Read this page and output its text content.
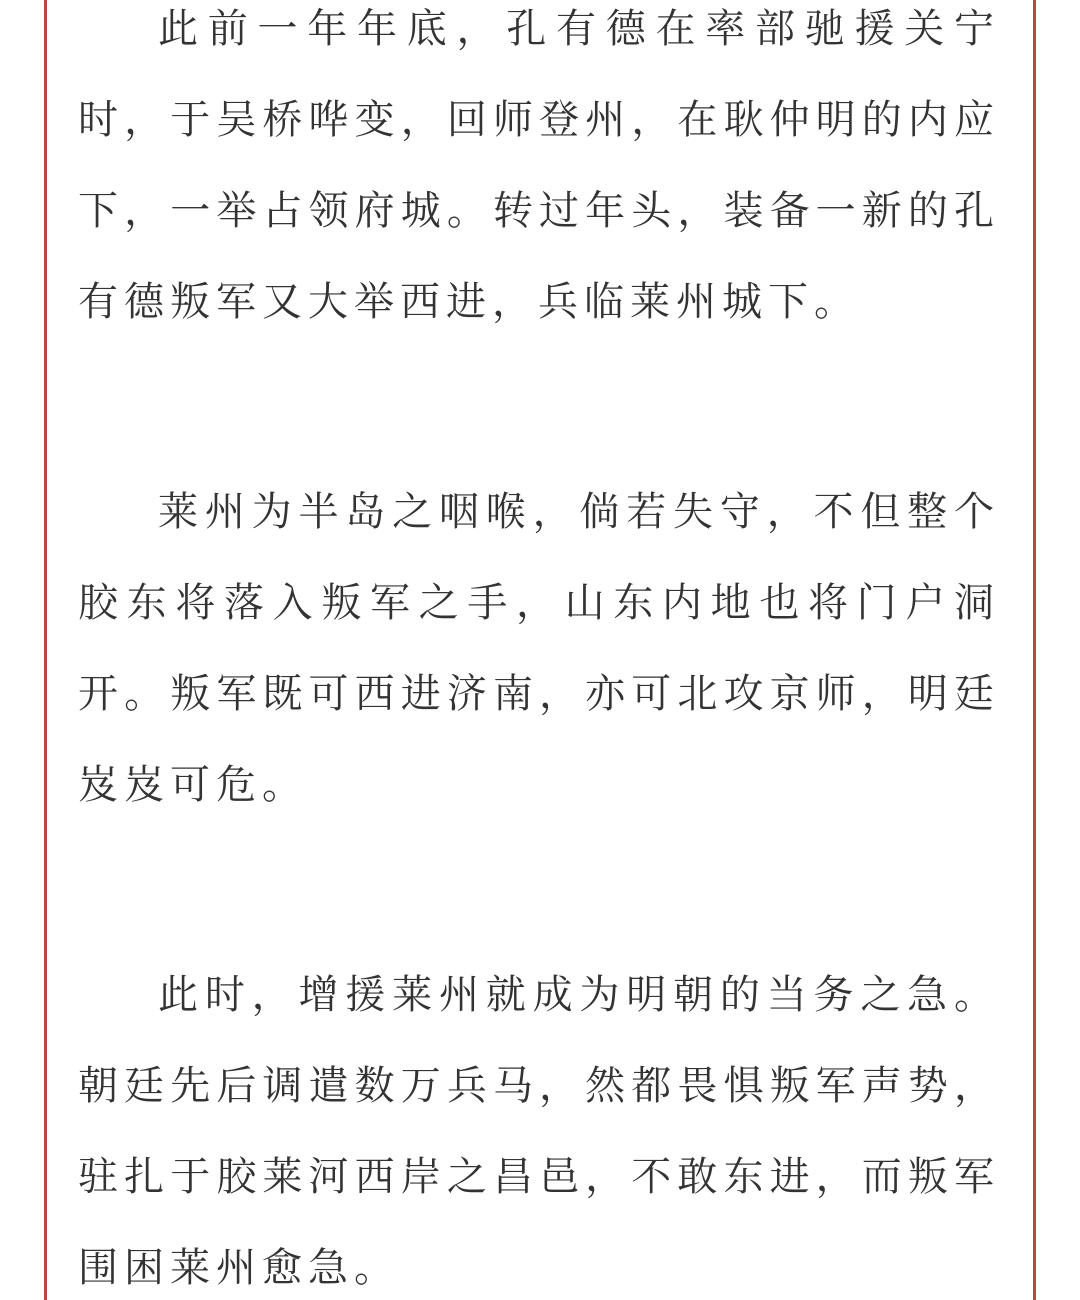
此前一年年底，孔有德在率部驰援关宁时，于吴桥哗变，回师登州，在耿仲明的内应下，一举占领府城。转过年头，装备一新的孔有德叛军又大举西进，兵临莱州城下。

莱州为半岛之咽喉，倘若失守，不但整个胶东将落入叛军之手，山东内地也将门户洞开。叛军既可西进济南，亦可北攻京师，明廷岌岌可危。

此时，增援莱州就成为明朝的当务之急。朝廷先后调遣数万兵马，然都畏惧叛军声势，驻扎于胶莱河西岸之昌邑，不敢东进，而叛军围困莱州愈急。
